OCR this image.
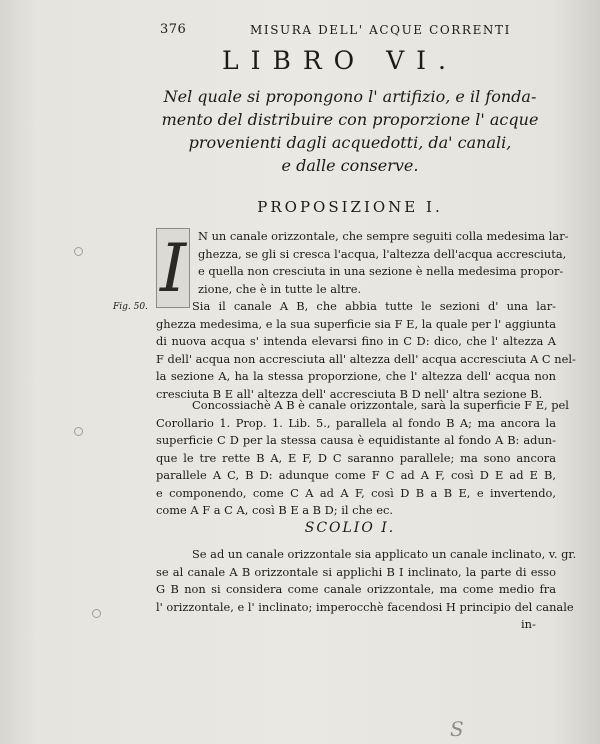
376	MISURA DELL' ACQUE CORRENTI
LIBRO VI.
Nel quale si propongono l' artifizio, e il fonda-
mento del distribuire con proporzione l' acque
provenienti dagli acquedotti, da' canali,
e dalle conserve.
PROPOSIZIONE I.
I
Fig. 50.
N un canale orizzontale, che sempre seguiti colla medesima lar-
ghezza, se gli si cresca l'acqua, l'altezza dell'acqua accresciuta,
e quella non cresciuta in una sezione è nella medesima propor-
zione, che è in tutte le altre.
Sia il canale A B, che abbia tutte le sezioni d' una lar-
ghezza medesima, e la sua superficie sia F E, la quale per l' aggiunta
di nuova acqua s' intenda elevarsi fino in C D: dico, che l' altezza A
F dell' acqua non accresciuta all' altezza dell' acqua accresciuta A C nel-
la sezione A, ha la stessa proporzione, che l' altezza dell' acqua non
cresciuta B E all' altezza dell' accresciuta B D nell' altra sezione B.
Concossiachè A B è canale orizzontale, sarà la superficie F E, pel
Corollario 1. Prop. 1. Lib. 5., parallela al fondo B A; ma ancora la
superficie C D per la stessa causa è equidistante al fondo A B: adun-
que le tre rette B A, E F, D C saranno parallele; ma sono ancora
parallele A C, B D: adunque come F C ad A F, così D E ad E B,
e componendo, come C A ad A F, così D B a B E, e invertendo,
come A F a C A, così B E a B D; il che ec.
SCOLIO I.
Se ad un canale orizzontale sia applicato un canale inclinato, v. gr.
se al canale A B orizzontale si applichi B I inclinato, la parte di esso
G B non si considera come canale orizzontale, ma come medio fra
l' orizzontale, e l' inclinato; imperocchè facendosi H principio del canale
in-
S
